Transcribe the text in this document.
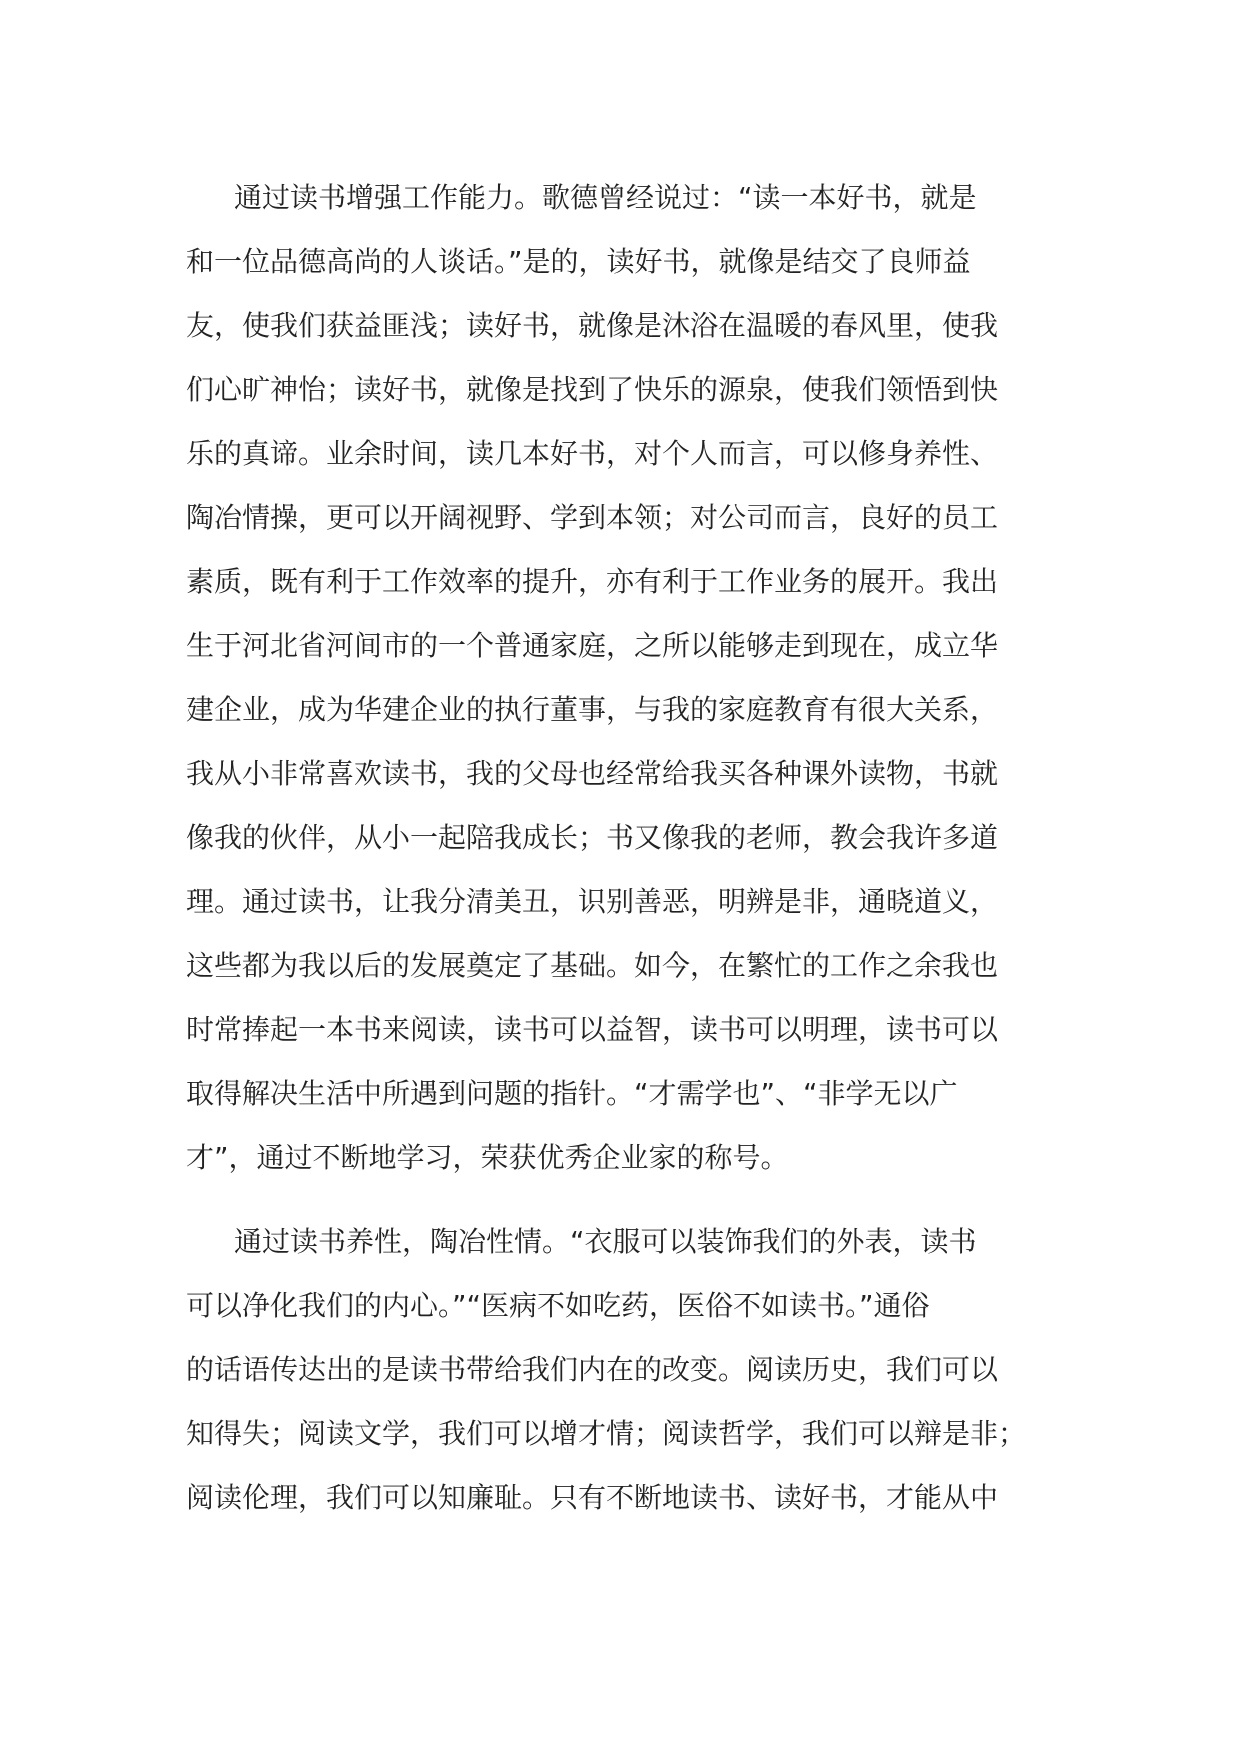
通过读书增强工作能力。歌德曾经说过：“读一本好书，就是
和一位品德高尚的人谈话。”是的，读好书，就像是结交了良师益
友，使我们获益匪浅；读好书，就像是沐浴在温暖的春风里，使我
们心旷神怡；读好书，就像是找到了快乐的源泉，使我们领悟到快
乐的真谛。业余时间，读几本好书，对个人而言，可以修身养性、
陶冶情操，更可以开阔视野、学到本领；对公司而言，良好的员工
素质，既有利于工作效率的提升，亦有利于工作业务的展开。我出
生于河北省河间市的一个普通家庭，之所以能够走到现在，成立华
建企业，成为华建企业的执行董事，与我的家庭教育有很大关系，
我从小非常喜欢读书，我的父母也经常给我买各种课外读物，书就
像我的伙伴，从小一起陪我成长；书又像我的老师，教会我许多道
理。通过读书，让我分清美丑，识别善恶，明辨是非，通晓道义，
这些都为我以后的发展奠定了基础。如今，在繁忙的工作之余我也
时常捧起一本书来阅读，读书可以益智，读书可以明理，读书可以
取得解决生活中所遇到问题的指针。“才需学也”、“非学无以广
才”，通过不断地学习，荣获优秀企业家的称号。
通过读书养性，陶冶性情。“衣服可以装饰我们的外表，读书
可以净化我们的内心。”“医病不如吃药，医俗不如读书。”通俗
的话语传达出的是读书带给我们内在的改变。阅读历史，我们可以
知得失；阅读文学，我们可以增才情；阅读哲学，我们可以辩是非；
阅读伦理，我们可以知廉耻。只有不断地读书、读好书，才能从中
